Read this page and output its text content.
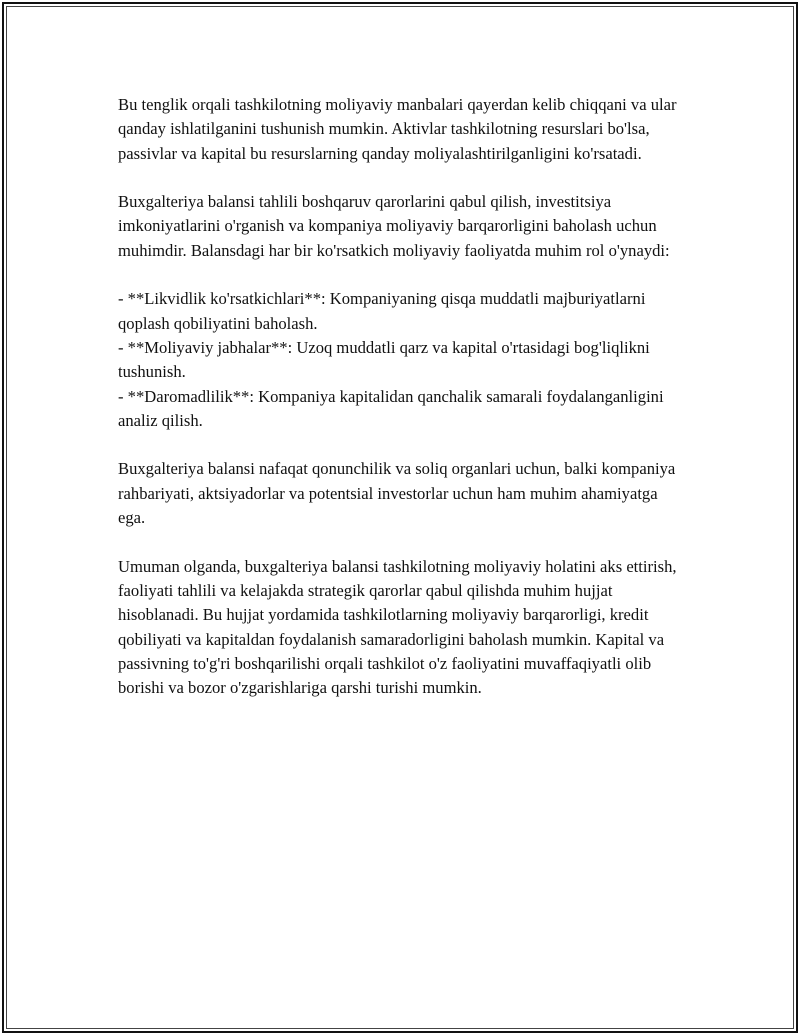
Bu tenglik orqali tashkilotning moliyaviy manbalari qayerdan kelib chiqqani va ular qanday ishlatilganini tushunish mumkin. Aktivlar tashkilotning resurslari bo'lsa, passivlar va kapital bu resurslarning qanday moliyalashtirilganligini ko'rsatadi.

Buxgalteriya balansi tahlili boshqaruv qarorlarini qabul qilish, investitsiya imkoniyatlarini o'rganish va kompaniya moliyaviy barqarorligini baholash uchun muhimdir. Balansdagi har bir ko'rsatkich moliyaviy faoliyatda muhim rol o'ynaydi:

- **Likvidlik ko'rsatkichlari**: Kompaniyaning qisqa muddatli majburiyatlarni qoplash qobiliyatini baholash.
- **Moliyaviy jabhalar**: Uzoq muddatli qarz va kapital o'rtasidagi bog'liqlikni tushunish.
- **Daromadlilik**: Kompaniya kapitalidan qanchalik samarali foydalanganligini analiz qilish.

Buxgalteriya balansi nafaqat qonunchilik va soliq organlari uchun, balki kompaniya rahbariyati, aktsiyadorlar va potentsial investorlar uchun ham muhim ahamiyatga ega.

Umuman olganda, buxgalteriya balansi tashkilotning moliyaviy holatini aks ettirish, faoliyati tahlili va kelajakda strategik qarorlar qabul qilishda muhim hujjat hisoblanadi. Bu hujjat yordamida tashkilotlarning moliyaviy barqarorligi, kredit qobiliyati va kapitaldan foydalanish samaradorligini baholash mumkin. Kapital va passivning to'g'ri boshqarilishi orqali tashkilot o'z faoliyatini muvaffaqiyatli olib borishi va bozor o'zgarishlariga qarshi turishi mumkin.
